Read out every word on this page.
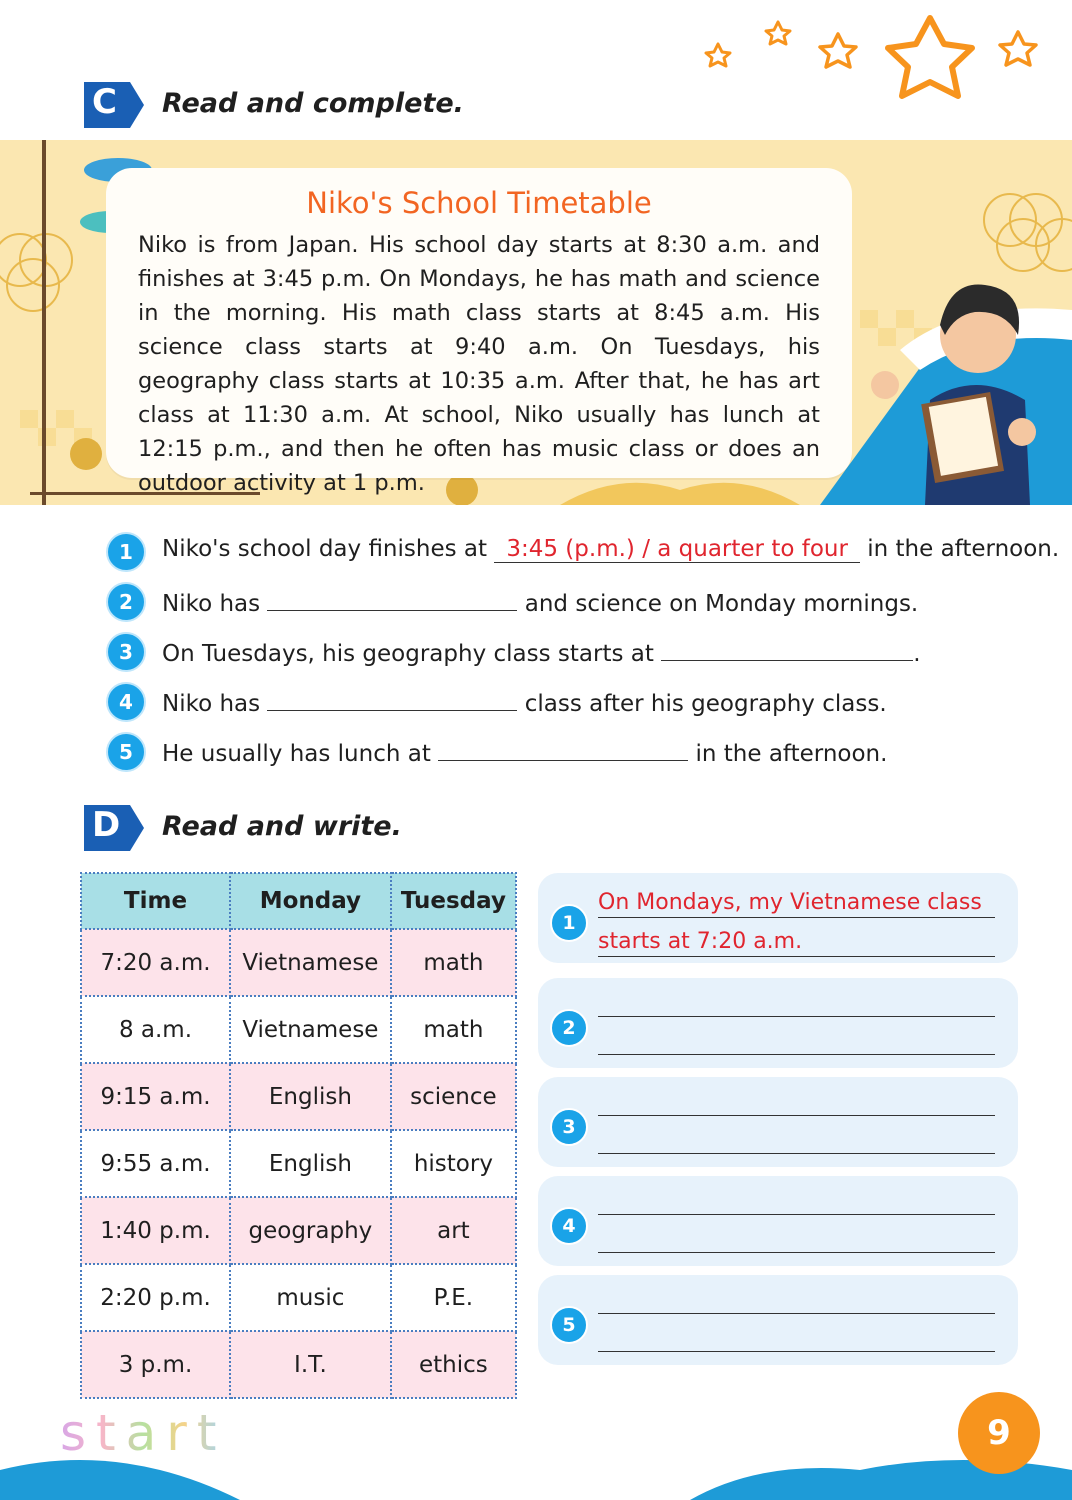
C Read and complete.
Niko's School Timetable
Niko is from Japan. His school day starts at 8:30 a.m. and finishes at 3:45 p.m. On Mondays, he has math and science in the morning. His math class starts at 8:45 a.m. His science class starts at 9:40 a.m. On Tuesdays, his geography class starts at 10:35 a.m. After that, he has art class at 11:30 a.m. At school, Niko usually has lunch at 12:15 p.m., and then he often has music class or does an outdoor activity at 1 p.m.
1	Niko's school day finishes at 3:45 (p.m.) / a quarter to four in the afternoon.
2	Niko has	and science on Monday mornings.
3	On Tuesdays, his geography class starts at	.
4	Niko has	class after his geography class.
5	He usually has lunch at	in the afternoon.
D Read and write.
Time	Monday	Tuesday
7:20 a.m.	Vietnamese	math
8 a.m.	Vietnamese	math
9:15 a.m.	English	science
9:55 a.m.	English	history
1:40 p.m.	geography	art
2:20 p.m.	music	P.E.
3 p.m.	I.T.	ethics
1
On Mondays, my Vietnamese class
starts at 7:20 a.m.
2
3
4
5
start	9
